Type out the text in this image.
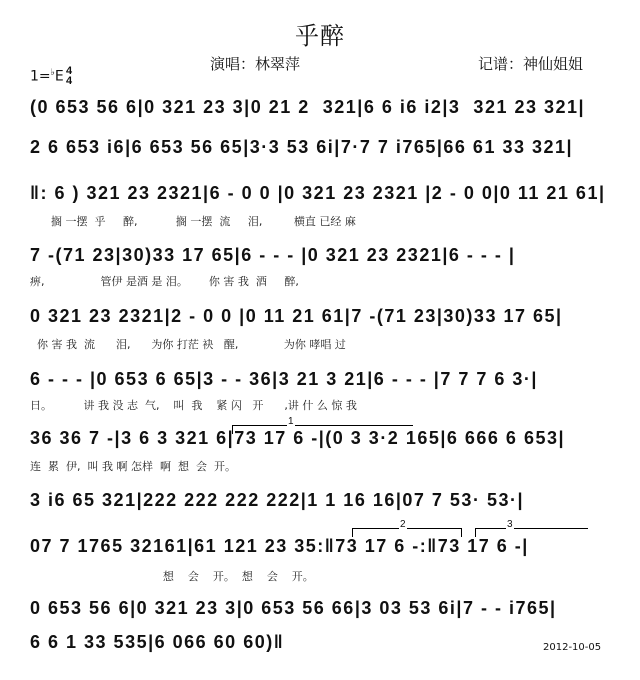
乎醉
演唱：林翠萍	记谱：神仙姐姐
1=♭E 4
4
(0 653 56 6|0 321 23 3|0 21 2  321|6 6 i6 i2|3  321 23 321|
2 6 653 i6|6 653 56 65|3·3 53 6i|7·7 7 i765|66 61 33 321|
‖: 6 ) 321 23 2321|6 - 0 0 |0 321 23 2321 |2 - 0 0|0 11 21 61|
搁 一摆  乎     醉,           搁 一摆  流     泪,         横直 已经 麻
7 -(71 23|30)33 17 65|6 - - - |0 321 23 2321|6 - - - |
痹,                管伊 是酒 是 泪。      你 害 我  酒     醉,
0 321 23 2321|2 - 0 0 |0 11 21 61|7 -(71 23|30)33 17 65|
你 害 我  流      泪,      为你 打茫 袂   醒,             为你 哮唱 过
6 - - - |0 653 6 65|3 - - 36|3 21 3 21|6 - - - |7 7 7 6 3·|
日。         讲 我 没 志  气,    叫  我    紧 闪   开      ,讲 什 么 惊 我
1
36 36 7 -|3 6 3 321 6|73 17 6 -|(0 3 3·2 165|6 666 6 653|
连  累  伊,  叫 我 啊 怎样  啊  想  会  开。
3 i6 65 321|222 222 222 222|1 1 16 16|07 7 53· 53·|
2	3
07 7 1765 32161|61 121 23 35:‖73 17 6 -:‖73 17 6 -|
想    会    开。  想    会    开。
0 653 56 6|0 321 23 3|0 653 56 66|3 03 53 6i|7 - - i765|
6 6 1 33 535|6 066 60 60)‖	2012-10-05
